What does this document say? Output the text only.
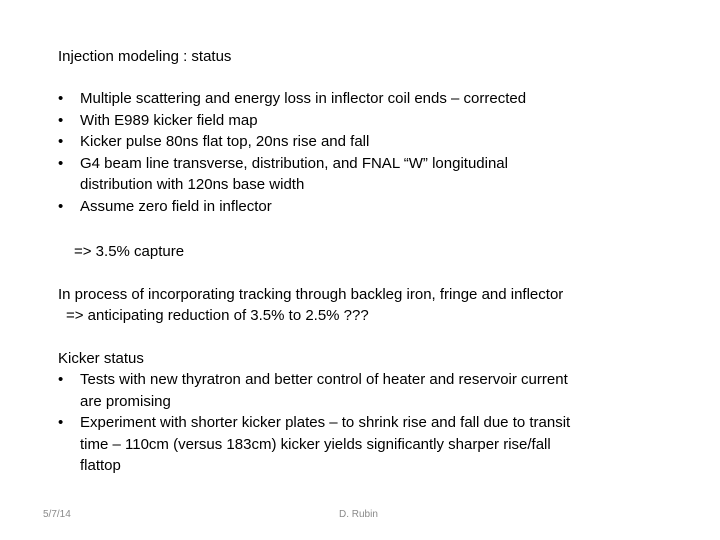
Injection modeling : status
• Multiple scattering and energy loss in inflector coil ends – corrected
• With E989 kicker field map
• Kicker pulse 80ns flat top, 20ns rise and fall
• G4 beam line transverse, distribution, and FNAL “W” longitudinal
distribution with 120ns base width
• Assume zero field in inflector
=> 3.5% capture
In process of incorporating tracking through backleg iron, fringe and inflector
=> anticipating reduction of 3.5% to 2.5% ???
Kicker status
• Tests with new thyratron and better control of heater and reservoir current
are promising
• Experiment with shorter kicker plates – to shrink rise and fall due to transit
time – 110cm (versus 183cm) kicker yields significantly sharper rise/fall
flattop
5/7/14	D. Rubin
